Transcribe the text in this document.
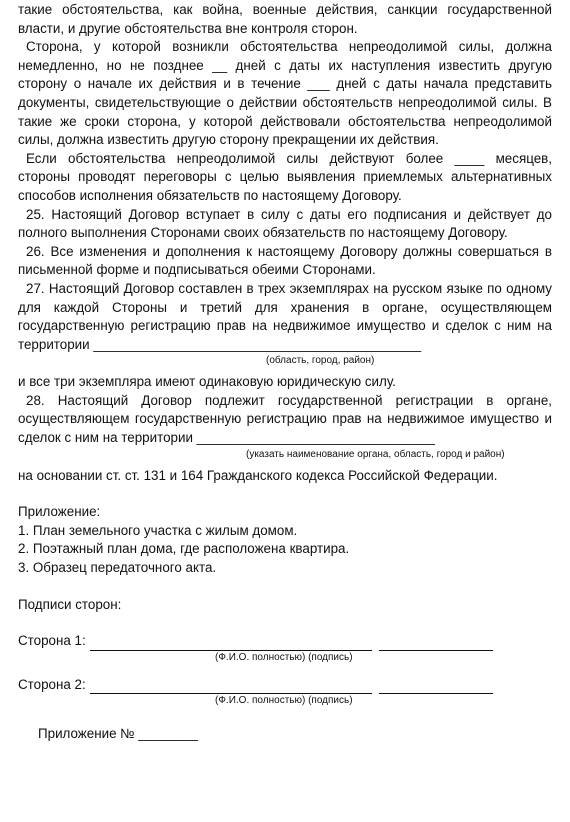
такие обстоятельства, как война, военные действия, санкции государственной власти, и другие обстоятельства вне контроля сторон.

Сторона, у которой возникли обстоятельства непреодолимой силы, должна немедленно, но не позднее __ дней с даты их наступления известить другую сторону о начале их действия и в течение ___ дней с даты начала представить документы, свидетельствующие о действии обстоятельств непреодолимой силы. В такие же сроки сторона, у которой действовали обстоятельства непреодолимой силы, должна известить другую сторону прекращении их действия.

Если обстоятельства непреодолимой силы действуют более ____ месяцев, стороны проводят переговоры с целью выявления приемлемых альтернативных способов исполнения обязательств по настоящему Договору.

25. Настоящий Договор вступает в силу с даты его подписания и действует до полного выполнения Сторонами своих обязательств по настоящему Договору.

26. Все изменения и дополнения к настоящему Договору должны совершаться в письменной форме и подписываться обеими Сторонами.

27. Настоящий Договор составлен в трех экземплярах на русском языке по одному для каждой Стороны и третий для хранения в органе, осуществляющем государственную регистрацию прав на недвижимое имущество и сделок с ним на территории ____________________________________________

(область, город, район)

и все три экземпляра имеют одинаковую юридическую силу.

28. Настоящий Договор подлежит государственной регистрации в органе, осуществляющем государственную регистрацию прав на недвижимое имущество и сделок с ним на территории ________________________________

(указать наименование органа, область, город и район)

на основании ст. ст. 131 и 164 Гражданского кодекса Российской Федерации.

Приложение:
1. План земельного участка с жилым домом.
2. Поэтажный план дома, где расположена квартира.
3. Образец передаточного акта.
Подписи сторон:
Сторона 1:
(Ф.И.О. полностью) (подпись)
Сторона 2:
(Ф.И.О. полностью) (подпись)
Приложение № ________
